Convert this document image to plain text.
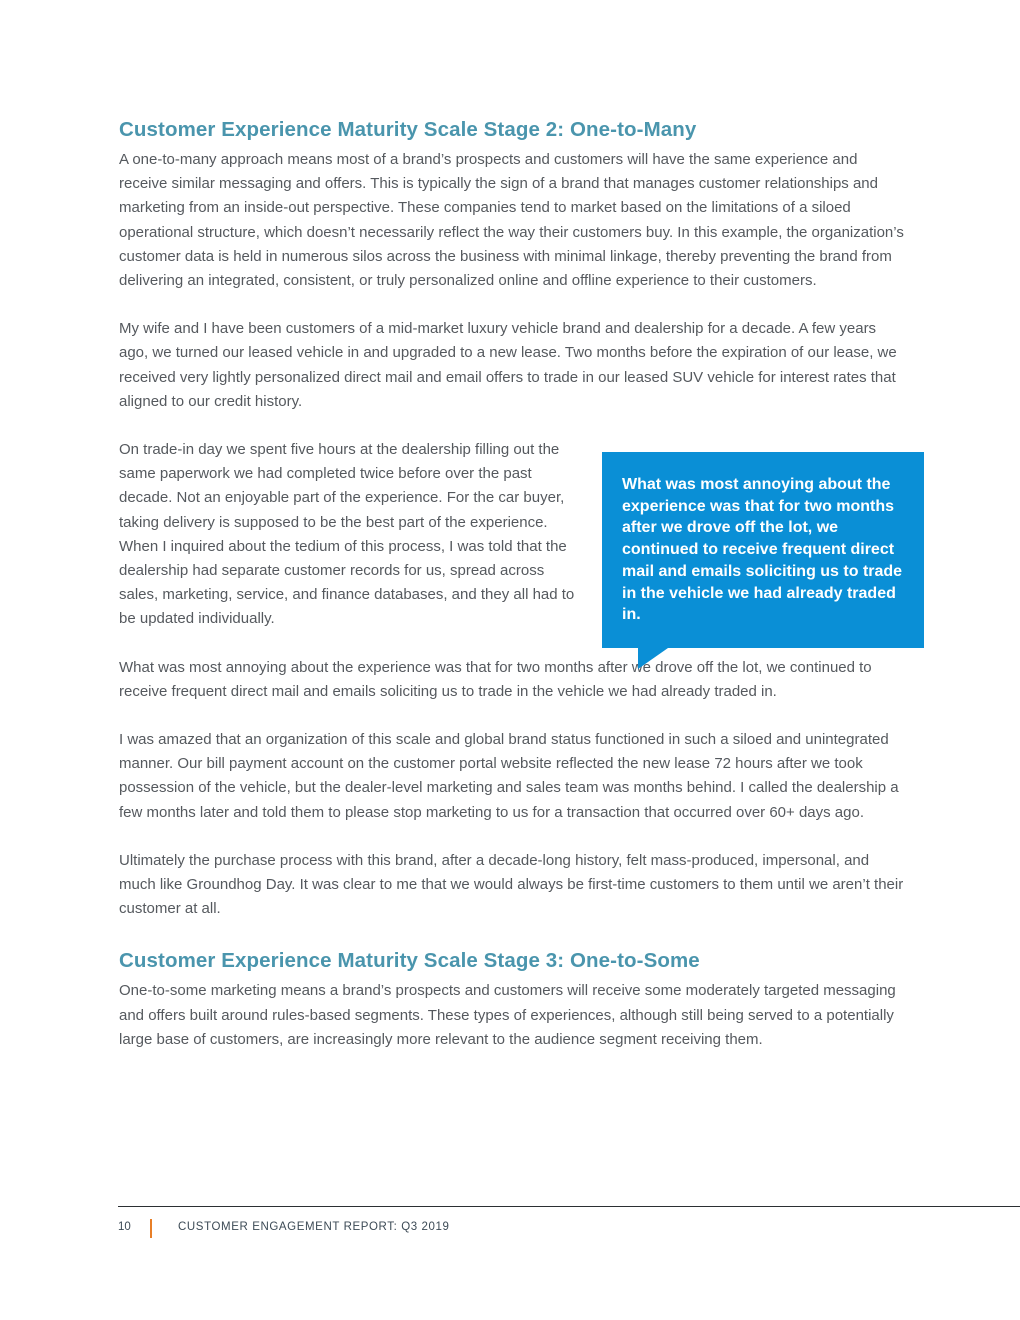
Customer Experience Maturity Scale Stage 2: One-to-Many

A one-to-many approach means most of a brand’s prospects and customers will have the same experience and receive similar messaging and offers. This is typically the sign of a brand that manages customer relationships and marketing from an inside-out perspective. These companies tend to market based on the limitations of a siloed operational structure, which doesn’t necessarily reflect the way their customers buy. In this example, the organization’s customer data is held in numerous silos across the business with minimal linkage, thereby preventing the brand from delivering an integrated, consistent, or truly personalized online and offline experience to their customers.

My wife and I have been customers of a mid-market luxury vehicle brand and dealership for a decade. A few years ago, we turned our leased vehicle in and upgraded to a new lease. Two months before the expiration of our lease, we received very lightly personalized direct mail and email offers to trade in our leased SUV vehicle for interest rates that aligned to our credit history.

On trade-in day we spent five hours at the dealership filling out the same paperwork we had completed twice before over the past decade. Not an enjoyable part of the experience. For the car buyer, taking delivery is supposed to be the best part of the experience. When I inquired about the tedium of this process, I was told that the dealership had separate customer records for us, spread across sales, marketing, service, and finance databases, and they all had to be updated individually.

What was most annoying about the experience was that for two months after we drove off the lot, we continued to receive frequent direct mail and emails soliciting us to trade in the vehicle we had already traded in.

I was amazed that an organization of this scale and global brand status functioned in such a siloed and unintegrated manner. Our bill payment account on the customer portal website reflected the new lease 72 hours after we took possession of the vehicle, but the dealer-level marketing and sales team was months behind. I called the dealership a few months later and told them to please stop marketing to us for a transaction that occurred over 60+ days ago.

Ultimately the purchase process with this brand, after a decade-long history, felt mass-produced, impersonal, and much like Groundhog Day. It was clear to me that we would always be first-time customers to them until we aren’t their customer at all.

Customer Experience Maturity Scale Stage 3: One-to-Some

One-to-some marketing means a brand’s prospects and customers will receive some moderately targeted messaging and offers built around rules-based segments. These types of experiences, although still being served to a potentially large base of customers, are increasingly more relevant to the audience segment receiving them.

What was most annoying about the experience was that for two months after we drove off the lot, we continued to receive frequent direct mail and emails soliciting us to trade in the vehicle we had already traded in.
10	CUSTOMER ENGAGEMENT REPORT: Q3 2019
